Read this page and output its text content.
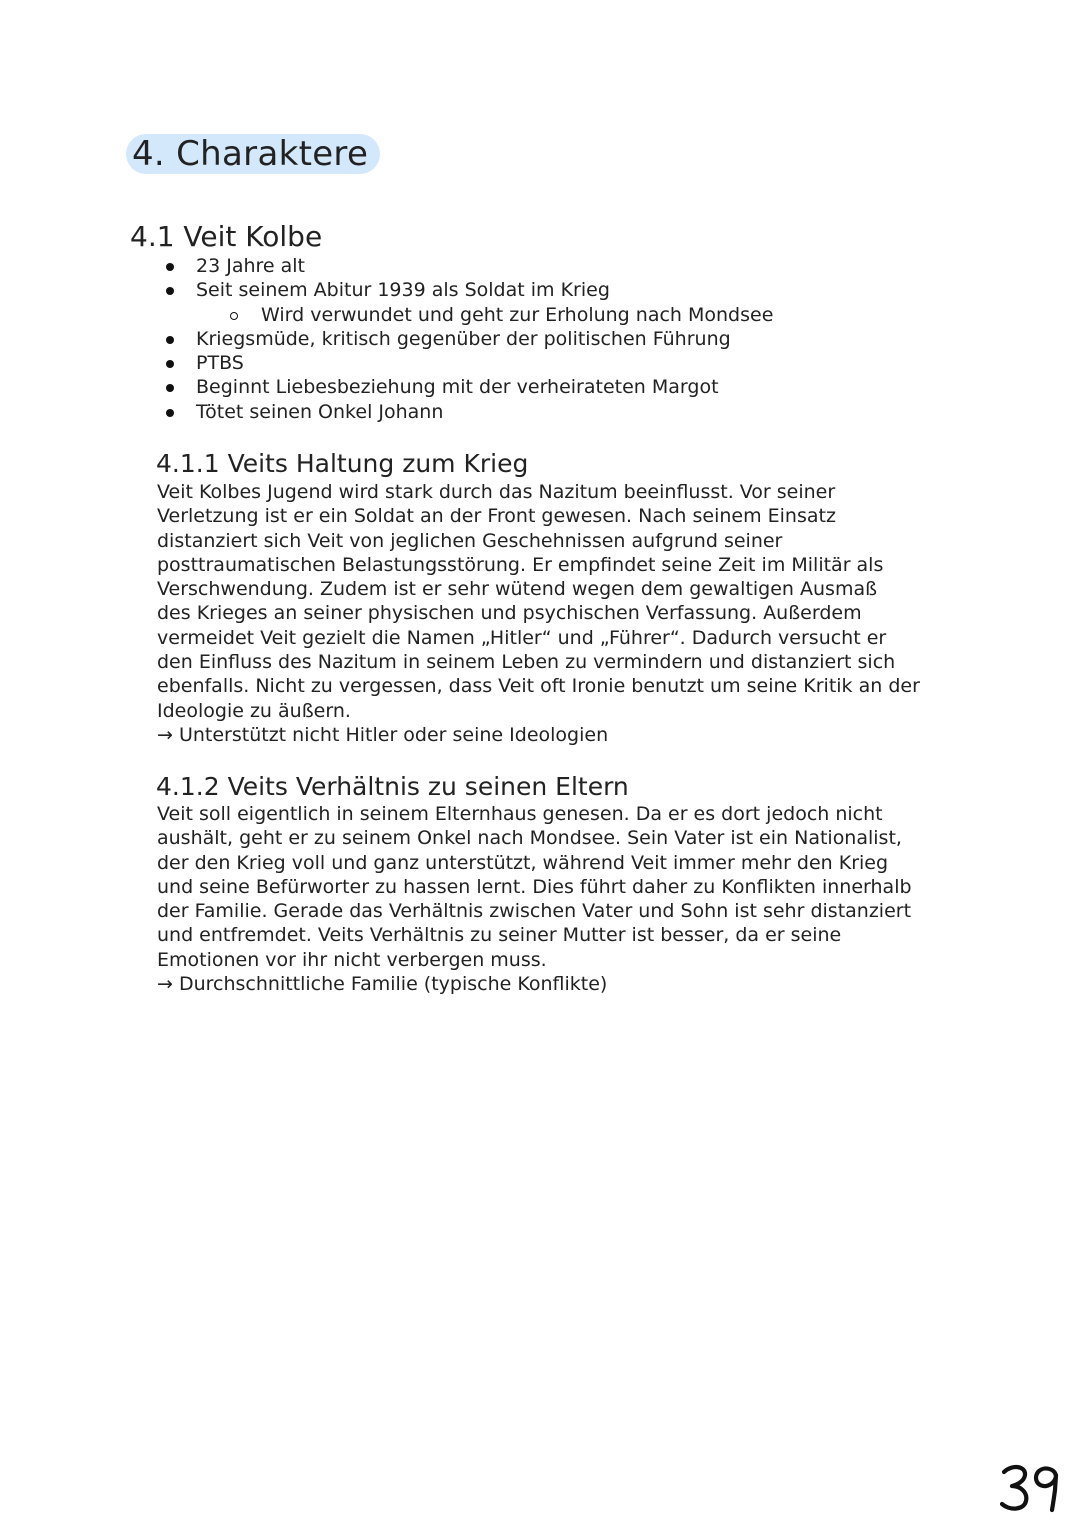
4. Charaktere
4.1 Veit Kolbe
23 Jahre alt
Seit seinem Abitur 1939 als Soldat im Krieg
Wird verwundet und geht zur Erholung nach Mondsee
Kriegsmüde, kritisch gegenüber der politischen Führung
PTBS
Beginnt Liebesbeziehung mit der verheirateten Margot
Tötet seinen Onkel Johann
4.1.1 Veits Haltung zum Krieg
Veit Kolbes Jugend wird stark durch das Nazitum beeinflusst. Vor seiner
Verletzung ist er ein Soldat an der Front gewesen. Nach seinem Einsatz
distanziert sich Veit von jeglichen Geschehnissen aufgrund seiner
posttraumatischen Belastungsstörung. Er empfindet seine Zeit im Militär als
Verschwendung. Zudem ist er sehr wütend wegen dem gewaltigen Ausmaß
des Krieges an seiner physischen und psychischen Verfassung. Außerdem
vermeidet Veit gezielt die Namen „Hitler“ und „Führer“. Dadurch versucht er
den Einfluss des Nazitum in seinem Leben zu vermindern und distanziert sich
ebenfalls. Nicht zu vergessen, dass Veit oft Ironie benutzt um seine Kritik an der
Ideologie zu äußern.
→ Unterstützt nicht Hitler oder seine Ideologien
4.1.2 Veits Verhältnis zu seinen Eltern
Veit soll eigentlich in seinem Elternhaus genesen. Da er es dort jedoch nicht
aushält, geht er zu seinem Onkel nach Mondsee. Sein Vater ist ein Nationalist,
der den Krieg voll und ganz unterstützt, während Veit immer mehr den Krieg
und seine Befürworter zu hassen lernt. Dies führt daher zu Konflikten innerhalb
der Familie. Gerade das Verhältnis zwischen Vater und Sohn ist sehr distanziert
und entfremdet. Veits Verhältnis zu seiner Mutter ist besser, da er seine
Emotionen vor ihr nicht verbergen muss.
→ Durchschnittliche Familie (typische Konflikte)
